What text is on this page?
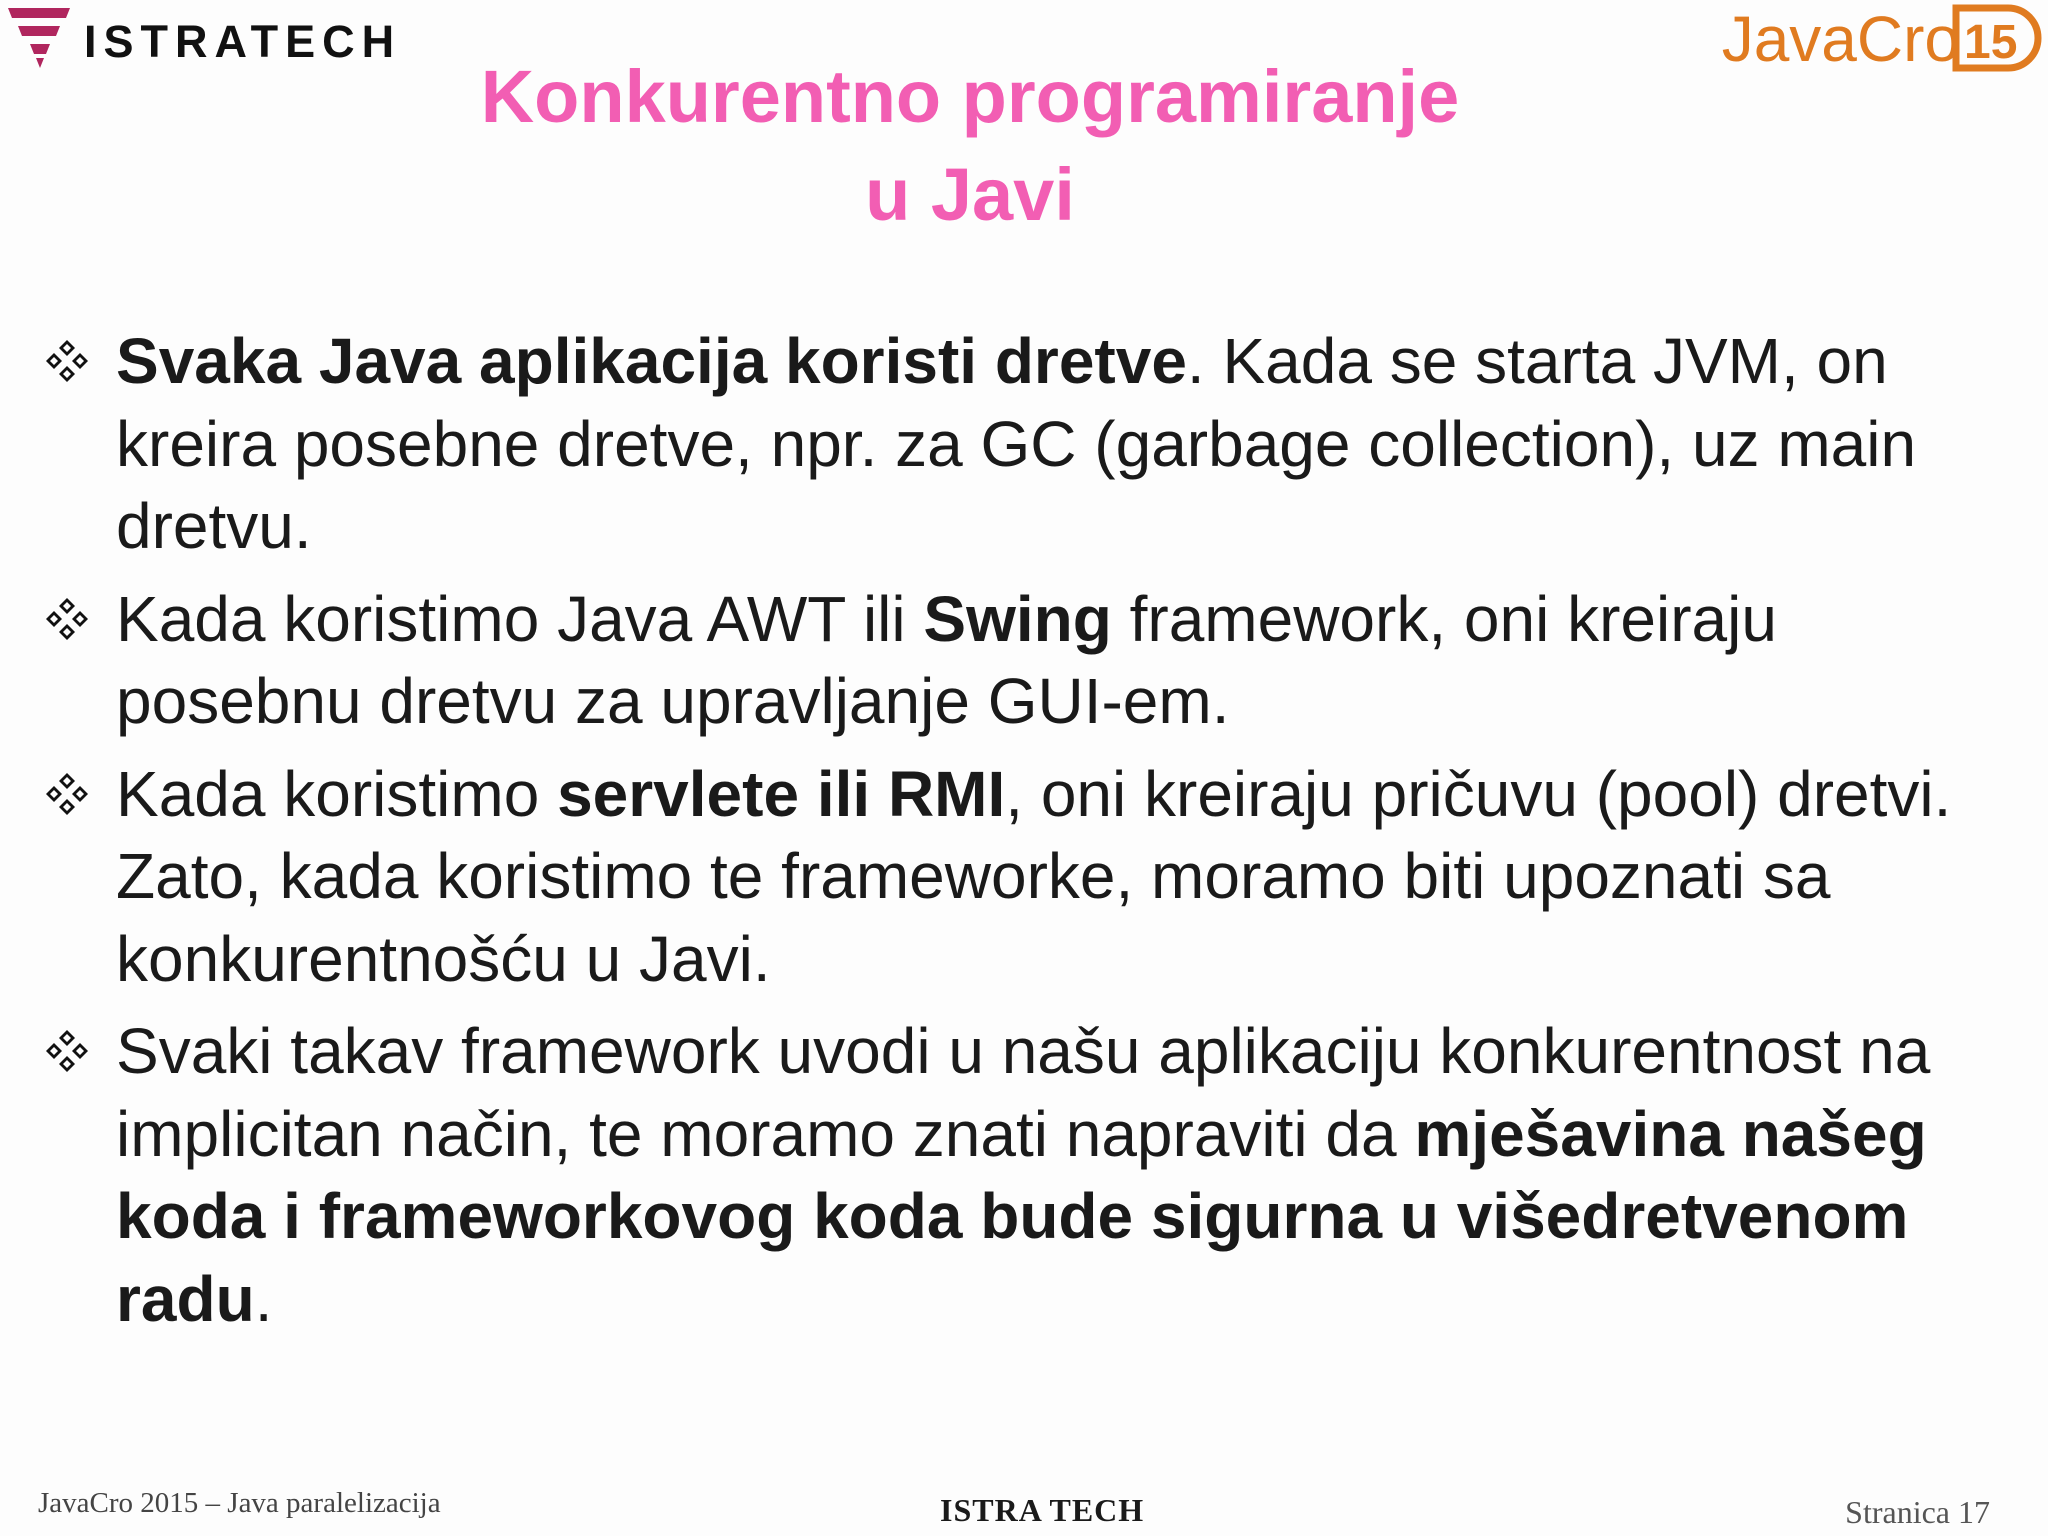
ISTRATECH	JavaCro 15
Konkurentno programiranje
u Javi
Svaka Java aplikacija koristi dretve. Kada se starta JVM, on kreira posebne dretve, npr. za GC (garbage collection), uz main dretvu.
Kada koristimo Java AWT ili Swing framework, oni kreiraju posebnu dretvu za upravljanje GUI-em.
Kada koristimo servlete ili RMI, oni kreiraju pričuvu (pool) dretvi. Zato, kada koristimo te frameworke, moramo biti upoznati sa konkurentnošću u Javi.
Svaki takav framework uvodi u našu aplikaciju konkurentnost na implicitan način, te moramo znati napraviti da mješavina našeg koda i frameworkovog koda bude sigurna u višedretvenom radu.
JavaCro 2015 – Java paralelizacija	ISTRA TECH	Stranica 17
